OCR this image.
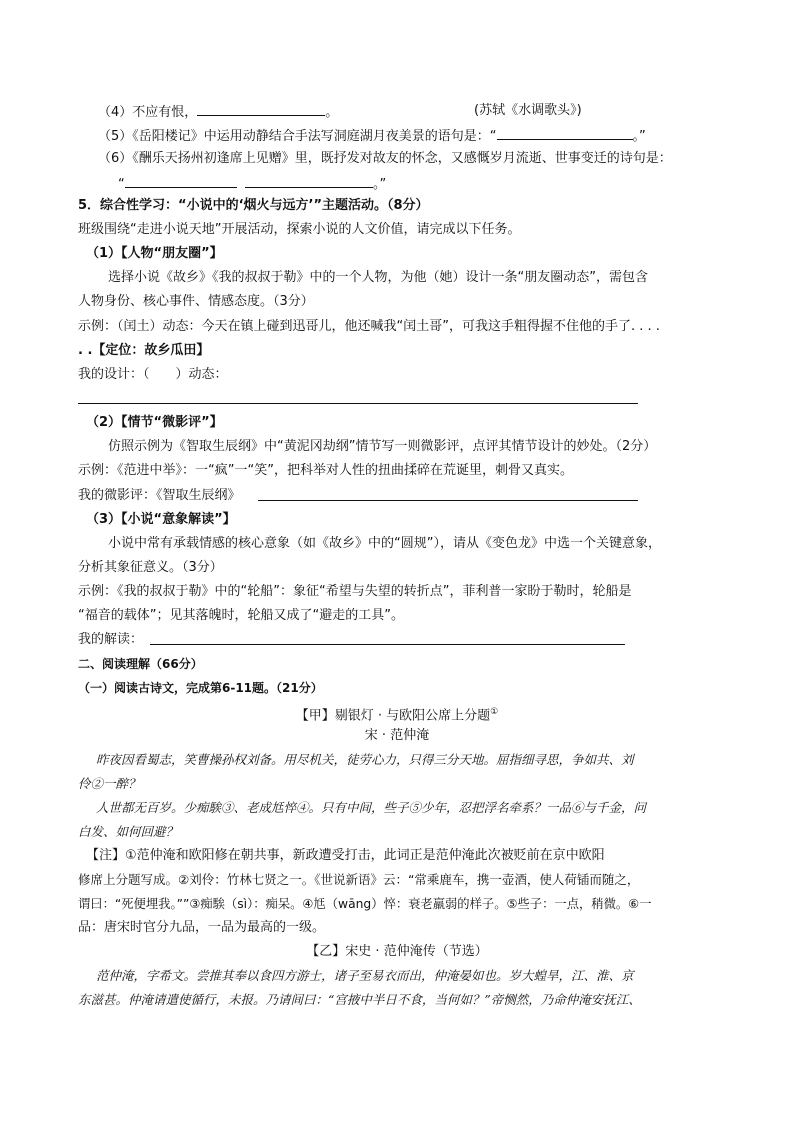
（4）不应有恨，	。	(苏轼《水调歌头》)
（5）《岳阳楼记》中运用动静结合手法写洞庭湖月夜美景的语句是：“	。”
（6）《酬乐天扬州初逢席上见赠》里，既抒发对故友的怀念，又感慨岁月流逝、世事变迁的诗句是：
“	。”
5．综合性学习：“小说中的‘烟火与远方’”主题活动。（8分）
班级围绕“走进小说天地”开展活动，探索小说的人文价值，请完成以下任务。
（1）【人物“朋友圈”】
选择小说《故乡》《我的叔叔于勒》中的一个人物，为他（她）设计一条“朋友圈动态”，需包含
人物身份、核心事件、情感态度。（3分）
示例：（闰土）动态：今天在镇上碰到迅哥儿，他还喊我“闰土哥”，可我这手粗得握不住他的手了. . . .
. .【定位：故乡瓜田】
我的设计：（　　）动态：
（2）【情节“微影评”】
仿照示例为《智取生辰纲》中“黄泥冈劫纲”情节写一则微影评，点评其情节设计的妙处。（2分）
示例：《范进中举》：一“疯”一“笑”，把科举对人性的扭曲揉碎在荒诞里，刺骨又真实。
我的微影评：《智取生辰纲》
（3）【小说“意象解读”】
小说中常有承载情感的核心意象（如《故乡》中的“圆规”），请从《变色龙》中选一个关键意象，
分析其象征意义。（3分）
示例：《我的叔叔于勒》中的“轮船”：象征“希望与失望的转折点”，菲利普一家盼于勒时，轮船是
“福音的载体”；见其落魄时，轮船又成了“避走的工具”。
我的解读：
二、阅读理解（66分）
（一）阅读古诗文，完成第6-11题。（21分）
【甲】剔银灯 · 与欧阳公席上分题①
宋 · 范仲淹
昨夜因看蜀志，笑曹操孙权刘备。用尽机关，徒劳心力，只得三分天地。屈指细寻思，争如共、刘
伶②一醉？
人世都无百岁。少痴騃③、老成尪悴④。只有中间，些子⑤少年，忍把浮名牵系？一品⑥与千金，问
白发、如何回避？
【注】①范仲淹和欧阳修在朝共事，新政遭受打击，此词正是范仲淹此次被贬前在京中欧阳
修席上分题写成。②刘伶：竹林七贤之一。《世说新语》云：“常乘鹿车，携一壶酒，使人荷锸而随之，
谓曰：“死便埋我。””③痴騃（sì）：痴呆。④尪（wāng）悴：衰老羸弱的样子。⑤些子：一点，稍微。⑥一
品：唐宋时官分九品，一品为最高的一级。
【乙】宋史 · 范仲淹传（节选）
范仲淹，字希文。尝推其奉以食四方游士，诸子至易衣而出，仲淹晏如也。岁大蝗旱，江、淮、京
东滋甚。仲淹请遣使循行，未报。乃请间曰：“宫掖中半日不食，当何如？”帝恻然，乃命仲淹安抚江、
